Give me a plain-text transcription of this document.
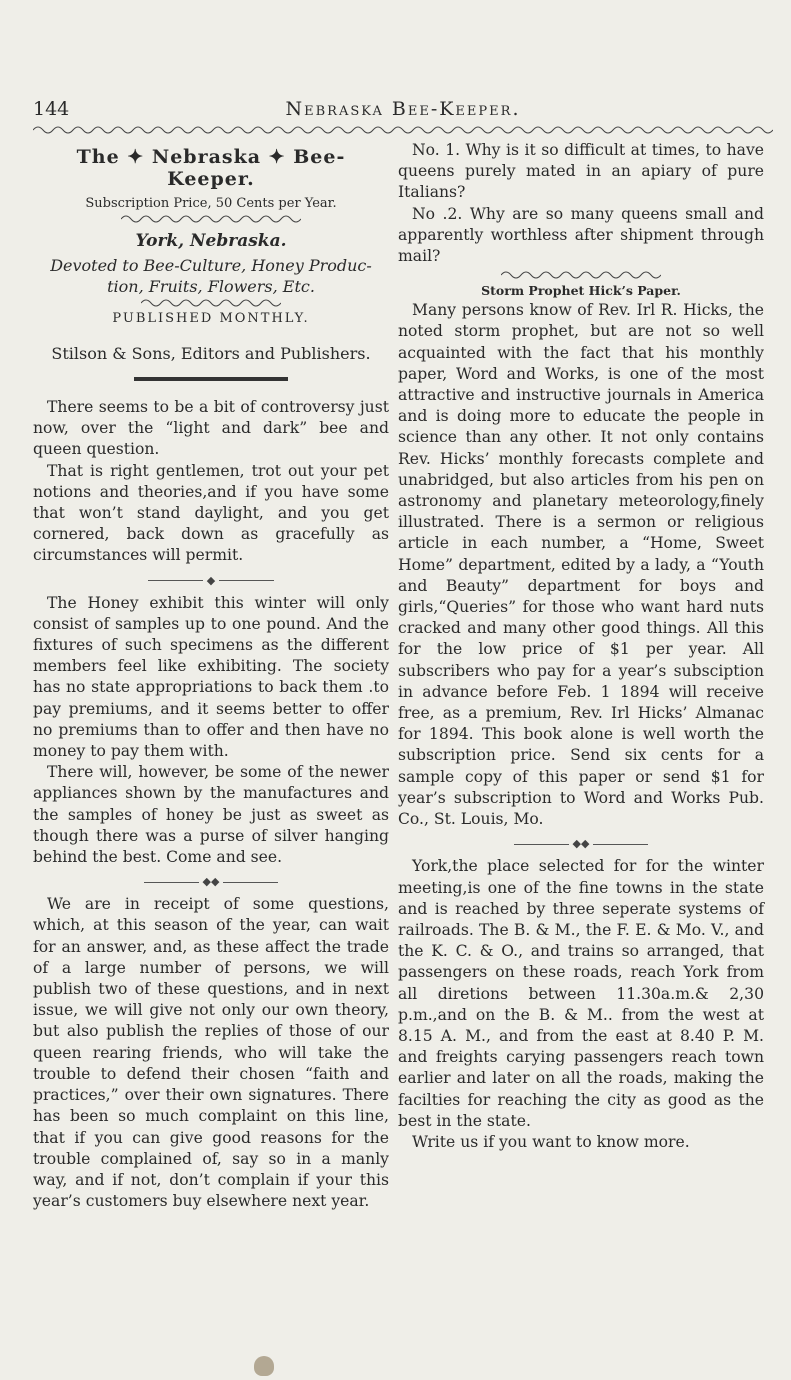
144	Nebraska Bee-Keeper.
The ✦ Nebraska ✦ Bee-Keeper.
Subscription Price, 50 Cents per Year.
York, Nebraska.
Devoted to Bee-Culture, Honey Produc-
tion, Fruits, Flowers, Etc.
PUBLISHED MONTHLY.
Stilson & Sons, Editors and Publishers.

There seems to be a bit of controversy just now, over the “light and dark” bee and queen question.

That is right gentlemen, trot out your pet notions and theories,and if you have some that won’t stand daylight, and you get cornered, back down as gracefully as circumstances will permit.

◆

The Honey exhibit this winter will only consist of samples up to one pound. And the fixtures of such specimens as the different members feel like exhibiting. The society has no state appropriations to back them .to pay premiums, and it seems better to offer no premiums than to offer and then have no money to pay them with.

There will, however, be some of the newer appliances shown by the manufactures and the samples of honey be just as sweet as though there was a purse of silver hanging behind the best. Come and see.

◆◆

We are in receipt of some questions, which, at this season of the year, can wait for an answer, and, as these affect the trade of a large number of persons, we will publish two of these questions, and in next issue, we will give not only our own theory, but also publish the replies of those of our queen rearing friends, who will take the trouble to defend their chosen “faith and practices,” over their own signatures. There has been so much complaint on this line, that if you can give good reasons for the trouble complained of, say so in a manly way, and if not, don’t complain if your this year’s customers buy elsewhere next year.

No. 1. Why is it so difficult at times, to have queens purely mated in an apiary of pure Italians?

No .2. Why are so many queens small and apparently worthless after shipment through mail?

Storm Prophet Hick’s Paper.

Many persons know of Rev. Irl R. Hicks, the noted storm prophet, but are not so well acquainted with the fact that his monthly paper, Word and Works, is one of the most attractive and instructive journals in America and is doing more to educate the people in science than any other. It not only contains Rev. Hicks’ monthly forecasts complete and unabridged, but also articles from his pen on astronomy and planetary meteorology,finely illustrated. There is a sermon or religious article in each number, a “Home, Sweet Home” department, edited by a lady, a “Youth and Beauty” department for boys and girls,“Queries” for those who want hard nuts cracked and many other good things. All this for the low price of $1 per year. All subscribers who pay for a year’s subsciption in advance before Feb. 1 1894 will receive free, as a premium, Rev. Irl Hicks’ Almanac for 1894. This book alone is well worth the subscription price. Send six cents for a sample copy of this paper or send $1 for year’s subscription to Word and Works Pub. Co., St. Louis, Mo.

◆◆

York,the place selected for for the winter meeting,is one of the fine towns in the state and is reached by three seperate systems of railroads. The B. & M., the F. E. & Mo. V., and the K. C. & O., and trains so arranged, that passengers on these roads, reach York from all diretions between 11.30a.m.& 2,30 p.m.,and on the B. & M.. from the west at 8.15 A. M., and from the east at 8.40 P. M. and freights carying passengers reach town earlier and later on all the roads, making the facilties for reaching the city as good as the best in the state.

Write us if you want to know more.
